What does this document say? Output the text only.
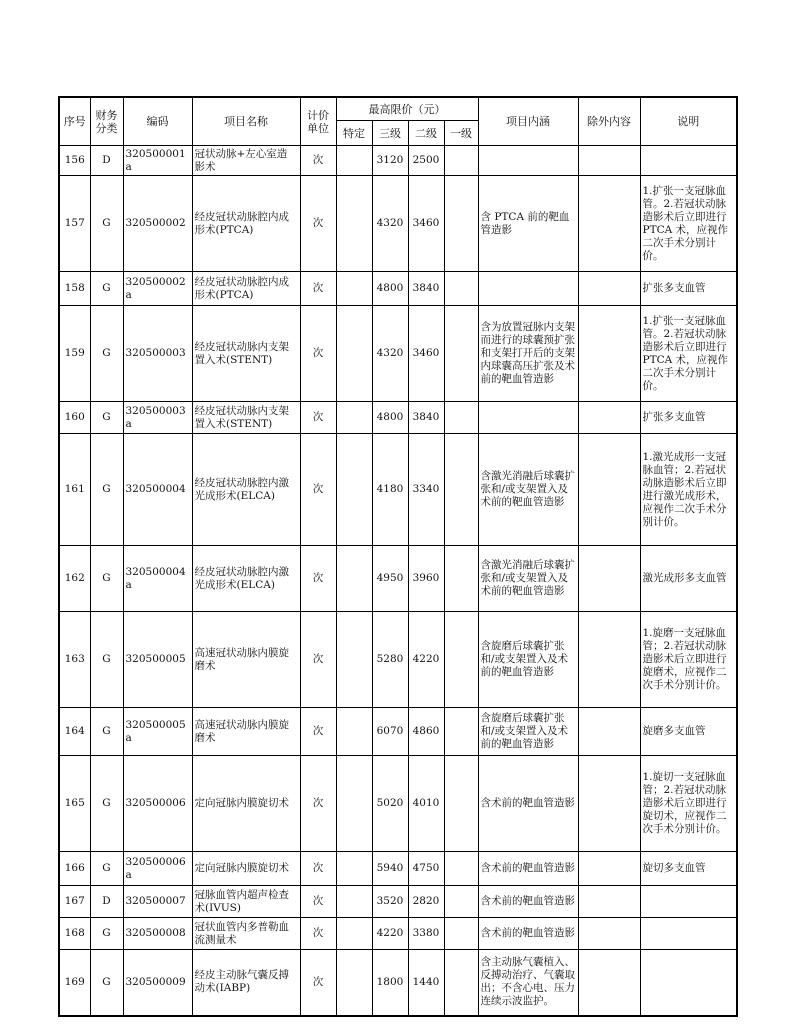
序号	财务
分类	编码	项目名称	计价
单位	最高限价（元）				项目内涵	除外内容	说明
					特定	三级	二级	一级			
156	D	320500001a	冠状动脉+左心室造影术	次		3120	2500				
157	G	320500002	经皮冠状动脉腔内成形术(PTCA)	次		4320	3460		含 PTCA 前的靶血管造影		1.扩张一支冠脉血管。2.若冠状动脉造影术后立即进行 PTCA 术，应视作二次手术分别计价。
158	G	320500002a	经皮冠状动脉腔内成形术(PTCA)	次		4800	3840				扩张多支血管
159	G	320500003	经皮冠状动脉内支架置入术(STENT)	次		4320	3460		含为放置冠脉内支架而进行的球囊预扩张和支架打开后的支架内球囊高压扩张及术前的靶血管造影		1.扩张一支冠脉血管。2.若冠状动脉造影术后立即进行 PTCA 术，应视作二次手术分别计价。
160	G	320500003a	经皮冠状动脉内支架置入术(STENT)	次		4800	3840				扩张多支血管
161	G	320500004	经皮冠状动脉腔内激光成形术(ELCA)	次		4180	3340		含激光消融后球囊扩张和/或支架置入及术前的靶血管造影		1.激光成形一支冠脉血管；2.若冠状动脉造影术后立即进行激光成形术，应视作二次手术分别计价。
162	G	320500004a	经皮冠状动脉腔内激光成形术(ELCA)	次		4950	3960		含激光消融后球囊扩张和/或支架置入及术前的靶血管造影		激光成形多支血管
163	G	320500005	高速冠状动脉内膜旋磨术	次		5280	4220		含旋磨后球囊扩张和/或支架置入及术前的靶血管造影		1.旋磨一支冠脉血管；2.若冠状动脉造影术后立即进行旋磨术，应视作二次手术分别计价。
164	G	320500005a	高速冠状动脉内膜旋磨术	次		6070	4860		含旋磨后球囊扩张和/或支架置入及术前的靶血管造影		旋磨多支血管
165	G	320500006	定向冠脉内膜旋切术	次		5020	4010		含术前的靶血管造影		1.旋切一支冠脉血管；2.若冠状动脉造影术后立即进行旋切术，应视作二次手术分别计价。
166	G	320500006a	定向冠脉内膜旋切术	次		5940	4750		含术前的靶血管造影		旋切多支血管
167	D	320500007	冠脉血管内超声检查术(IVUS)	次		3520	2820		含术前的靶血管造影		
168	G	320500008	冠状血管内多普勒血流测量术	次		4220	3380		含术前的靶血管造影		
169	G	320500009	经皮主动脉气囊反搏动术(IABP)	次		1800	1440		含主动脉气囊植入、反搏动治疗、气囊取出；不含心电、压力连续示波监护。		
